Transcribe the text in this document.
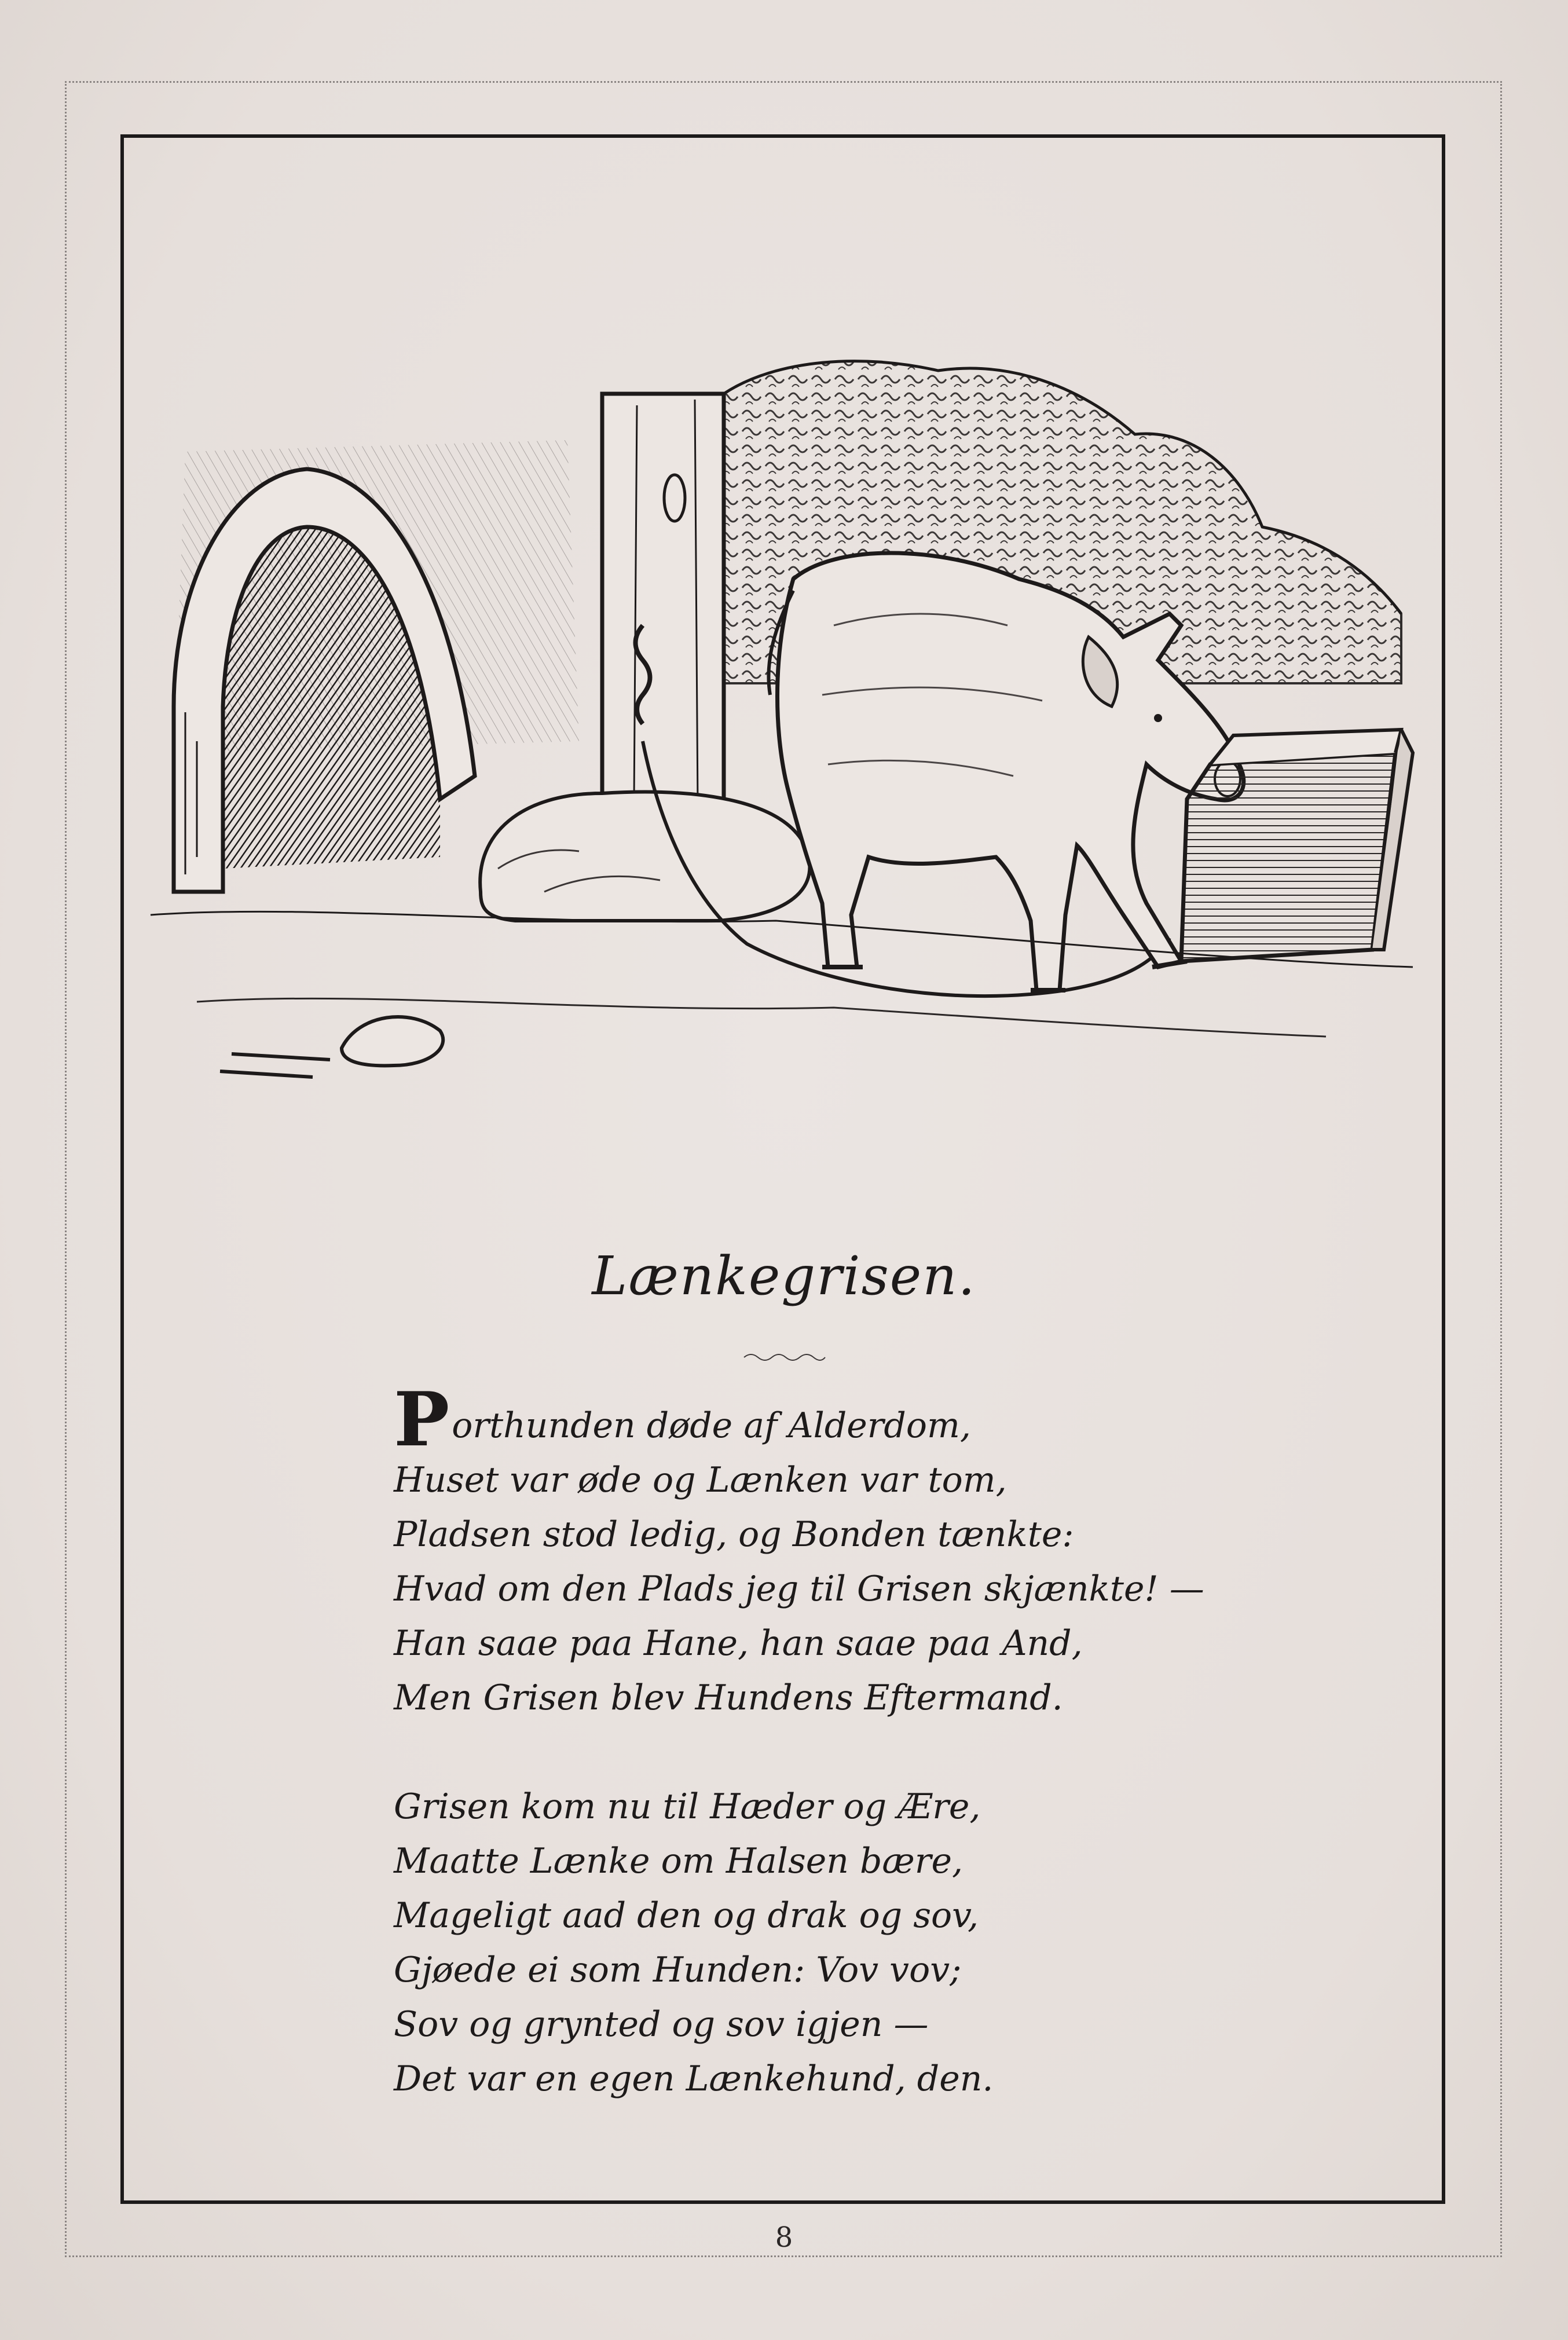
Lænkegrisen.
Porthunden døde af Alderdom,
Huset var øde og Lænken var tom,
Pladsen stod ledig, og Bonden tænkte:
Hvad om den Plads jeg til Grisen skjænkte! —
Han saae paa Hane, han saae paa And,
Men Grisen blev Hundens Eftermand.
Grisen kom nu til Hæder og Ære,
Maatte Lænke om Halsen bære,
Mageligt aad den og drak og sov,
Gjøede ei som Hunden: Vov vov;
Sov og grynted og sov igjen —
Det var en egen Lænkehund, den.
8
